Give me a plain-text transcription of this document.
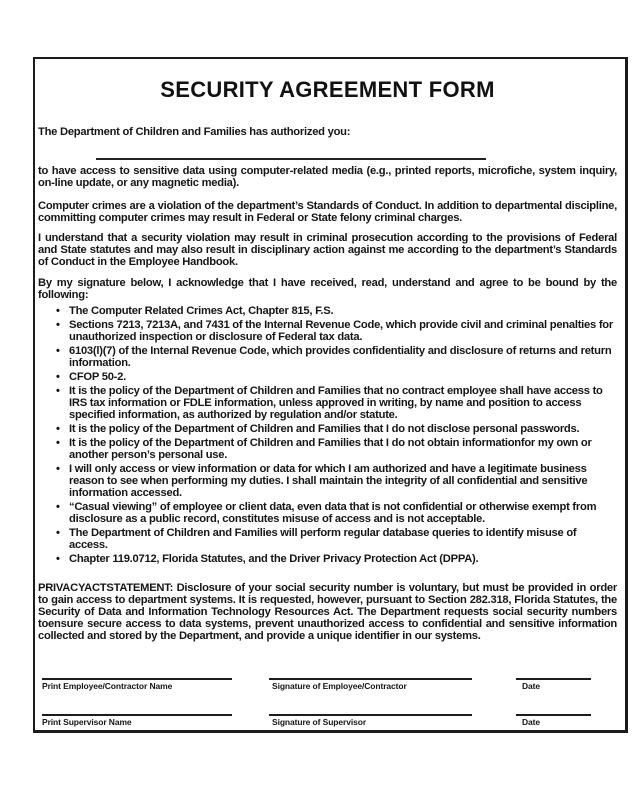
SECURITY AGREEMENT FORM

The Department of Children and Families has authorized you:

to have access to sensitive data using computer-related media (e.g., printed reports, microfiche, system inquiry, on-line update, or any magnetic media).

Computer crimes are a violation of the department’s Standards of Conduct. In addition to departmental discipline, committing computer crimes may result in Federal or State felony criminal charges.

I understand that a security violation may result in criminal prosecution according to the provisions of Federal and State statutes and may also result in disciplinary action against me according to the department’s Standards of Conduct in the Employee Handbook.

By my signature below, I acknowledge that I have received, read, understand and agree to be bound by the following:

• The Computer Related Crimes Act, Chapter 815, F.S.
• Sections 7213, 7213A, and 7431 of the Internal Revenue Code, which provide civil and criminal penalties for unauthorized inspection or disclosure of Federal tax data.
• 6103(l)(7) of the Internal Revenue Code, which provides confidentiality and disclosure of returns and return information.
• CFOP 50-2.
• It is the policy of the Department of Children and Families that no contract employee shall have access to IRS tax information or FDLE information, unless approved in writing, by name and position to access specified information, as authorized by regulation and/or statute.
• It is the policy of the Department of Children and Families that I do not disclose personal passwords.
• It is the policy of the Department of Children and Families that I do not obtain informationfor my own or another person’s personal use.
• I will only access or view information or data for which I am authorized and have a legitimate business reason to see when performing my duties. I shall maintain the integrity of all confidential and sensitive information accessed.
• “Casual viewing” of employee or client data, even data that is not confidential or otherwise exempt from disclosure as a public record, constitutes misuse of access and is not acceptable.
• The Department of Children and Families will perform regular database queries to identify misuse of access.
• Chapter 119.0712, Florida Statutes, and the Driver Privacy Protection Act (DPPA).

PRIVACYACTSTATEMENT: Disclosure of your social security number is voluntary, but must be provided in order to gain access to department systems. It is requested, however, pursuant to Section 282.318, Florida Statutes, the Security of Data and Information Technology Resources Act. The Department requests social security numbers toensure secure access to data systems, prevent unauthorized access to confidential and sensitive information collected and stored by the Department, and provide a unique identifier in our systems.

Print Employee/Contractor Name	Signature of Employee/Contractor	Date
Print Supervisor Name	Signature of Supervisor	Date
